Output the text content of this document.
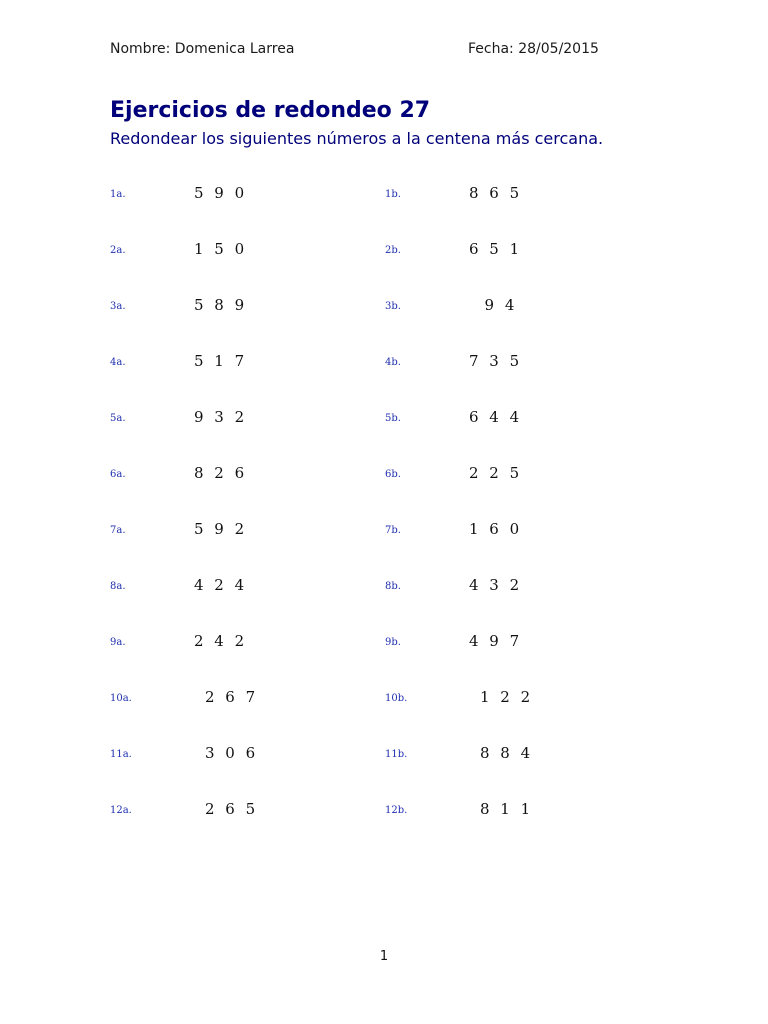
Nombre: Domenica Larrea	Fecha: 28/05/2015
Ejercicios de redondeo 27
Redondear los siguientes números a la centena más cercana.
1a.	5 9 0
2a.	1 5 0
3a.	5 8 9
4a.	5 1 7
5a.	9 3 2
6a.	8 2 6
7a.	5 9 2
8a.	4 2 4
9a.	2 4 2
10a.	2 6 7
11a.	3 0 6
12a.	2 6 5
1b.	8 6 5
2b.	6 5 1
3b.	9 4
4b.	7 3 5
5b.	6 4 4
6b.	2 2 5
7b.	1 6 0
8b.	4 3 2
9b.	4 9 7
10b.	1 2 2
11b.	8 8 4
12b.	8 1 1
1
